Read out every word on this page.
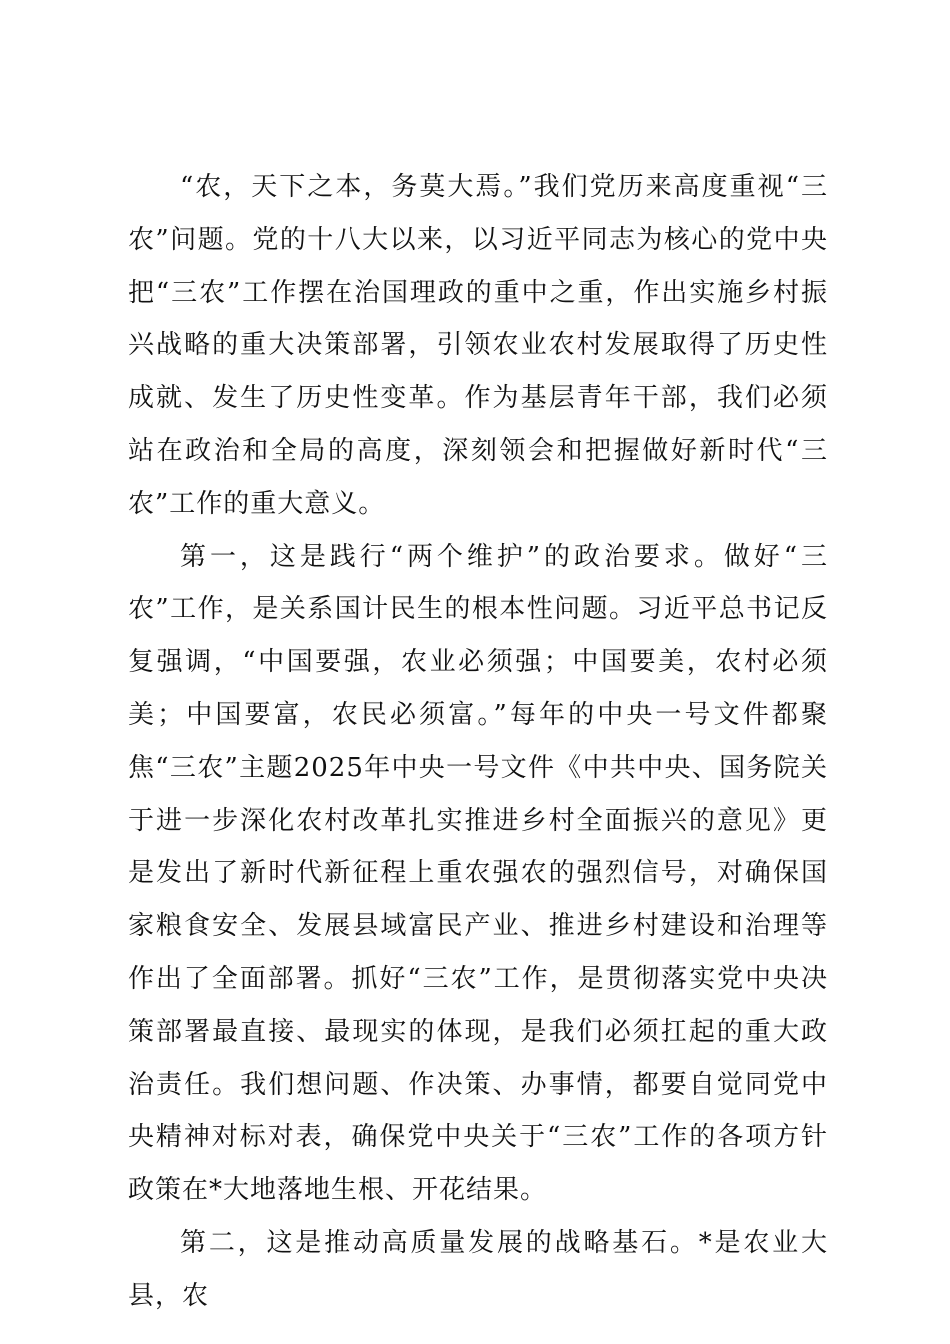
“农，天下之本，务莫大焉。”我们党历来高度重视“三农”问题。党的十八大以来，以习近平同志为核心的党中央把“三农”工作摆在治国理政的重中之重，作出实施乡村振兴战略的重大决策部署，引领农业农村发展取得了历史性成就、发生了历史性变革。作为基层青年干部，我们必须站在政治和全局的高度，深刻领会和把握做好新时代“三农”工作的重大意义。

第一，这是践行“两个维护”的政治要求。做好“三农”工作，是关系国计民生的根本性问题。习近平总书记反复强调，“中国要强，农业必须强；中国要美，农村必须美；中国要富，农民必须富。”每年的中央一号文件都聚焦“三农”主题2025年中央一号文件《中共中央、国务院关于进一步深化农村改革扎实推进乡村全面振兴的意见》更是发出了新时代新征程上重农强农的强烈信号，对确保国家粮食安全、发展县域富民产业、推进乡村建设和治理等作出了全面部署。抓好“三农”工作，是贯彻落实党中央决策部署最直接、最现实的体现，是我们必须扛起的重大政治责任。我们想问题、作决策、办事情，都要自觉同党中央精神对标对表，确保党中央关于“三农”工作的各项方针政策在*大地落地生根、开花结果。

第二，这是推动高质量发展的战略基石。*是农业大县，农
